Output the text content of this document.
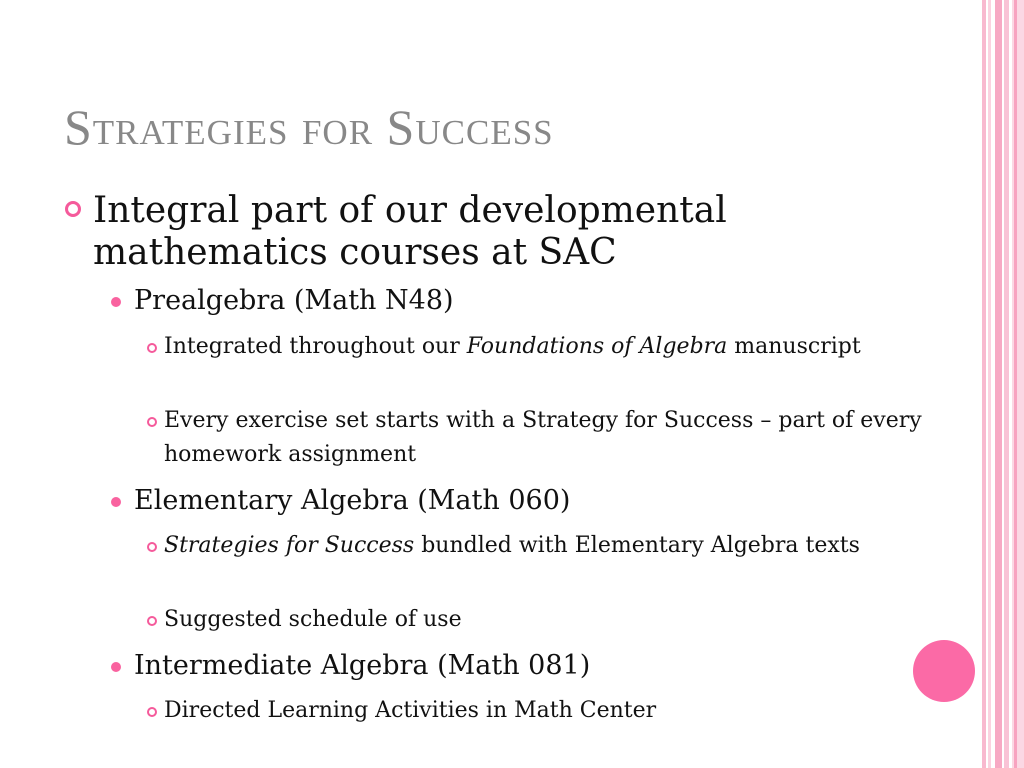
Strategies for Success
Integral part of our developmental mathematics courses at SAC
Prealgebra (Math N48)
Integrated throughout our Foundations of Algebra manuscript
Every exercise set starts with a Strategy for Success – part of every homework assignment
Elementary Algebra (Math 060)
Strategies for Success bundled with Elementary Algebra texts
Suggested schedule of use
Intermediate Algebra (Math 081)
Directed Learning Activities in Math Center
